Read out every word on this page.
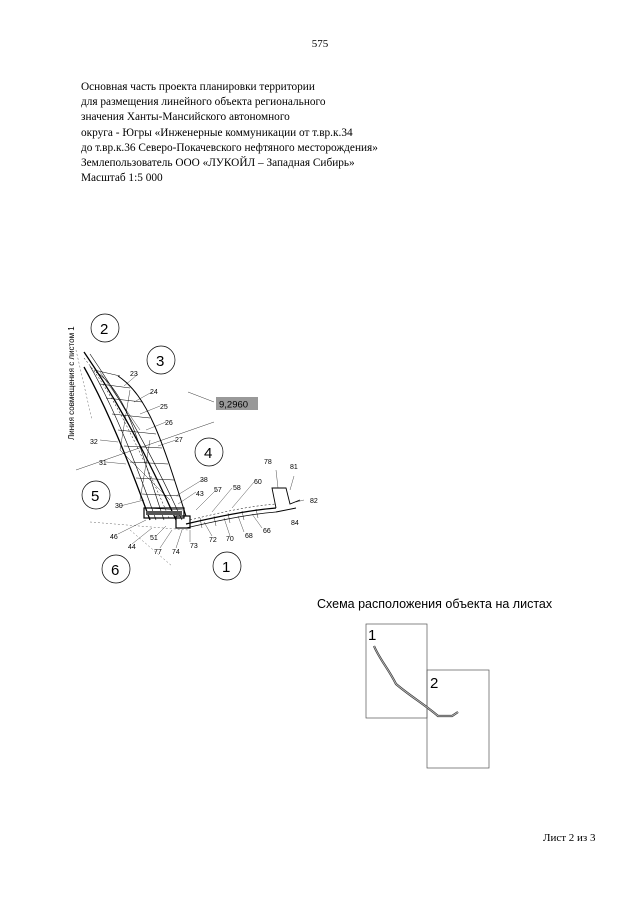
575
Основная часть проекта планировки территории
для размещения линейного объекта регионального
значения Ханты-Мансийского автономного
округа - Югры «Инженерные коммуникации от т.вр.к.34
до т.вр.к.36 Северо-Покачевского нефтяного месторождения»
Землепользователь ООО «ЛУКОЙЛ – Западная Сибирь»
Масштаб 1:5 000
Линия совмещения с листом 1	9,2960
2
3
4
5
6	1
23
24
25
26
27
32
31
30
38
43
57 58
60
66
68
70
72
73
74
77
44
46	51
78
81
82
84
1
2
Схема расположения объекта на листах
Лист 2 из 3
